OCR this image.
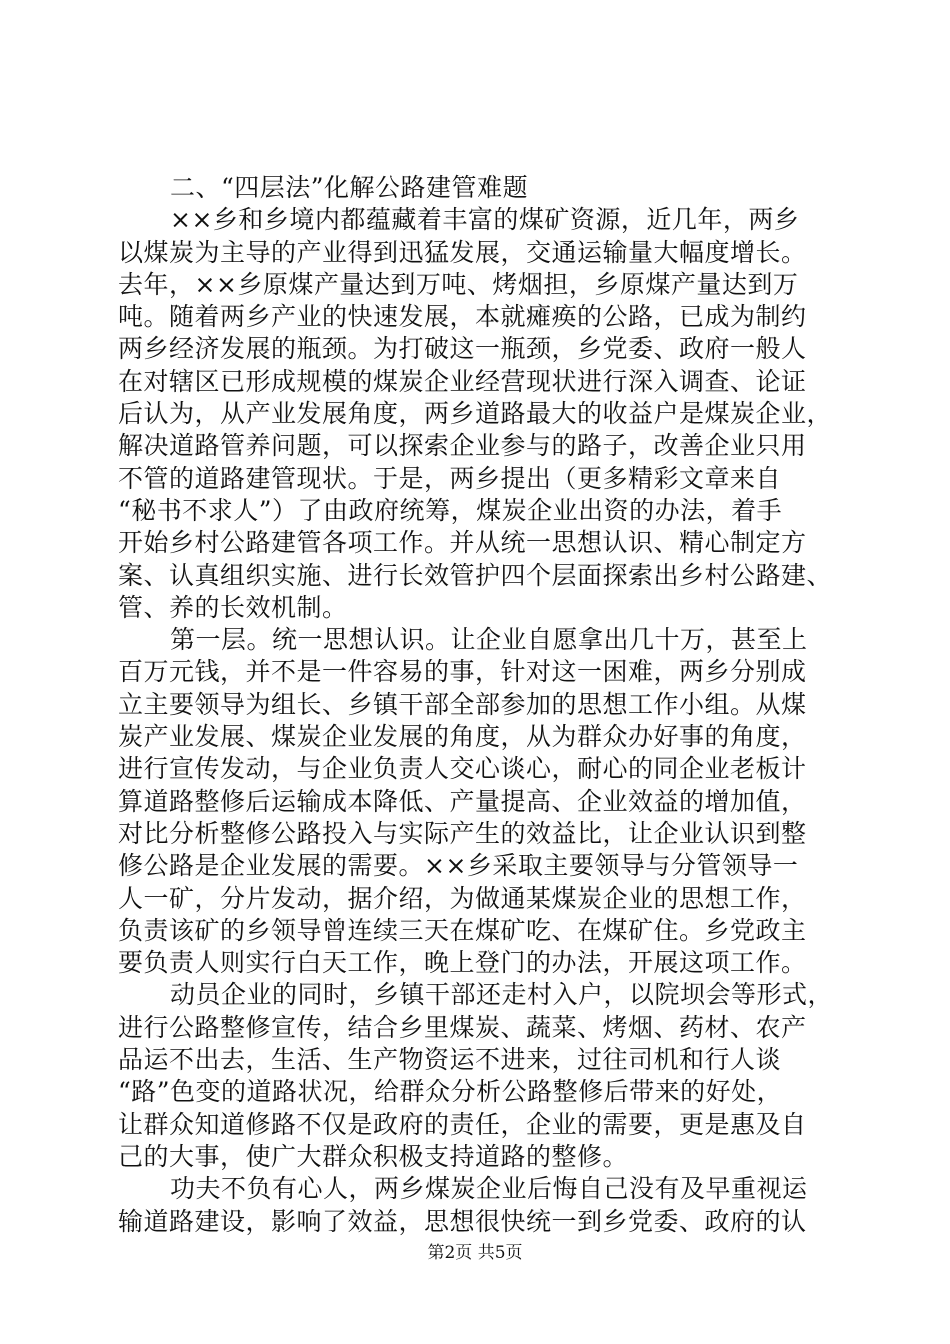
二、“四层法”化解公路建管难题
××乡和乡境内都蕴藏着丰富的煤矿资源，近几年，两乡
以煤炭为主导的产业得到迅猛发展，交通运输量大幅度增长。
去年，××乡原煤产量达到万吨、烤烟担，乡原煤产量达到万
吨。随着两乡产业的快速发展，本就瘫痪的公路，已成为制约
两乡经济发展的瓶颈。为打破这一瓶颈，乡党委、政府一般人
在对辖区已形成规模的煤炭企业经营现状进行深入调查、论证
后认为，从产业发展角度，两乡道路最大的收益户是煤炭企业，
解决道路管养问题，可以探索企业参与的路子，改善企业只用
不管的道路建管现状。于是，两乡提出（更多精彩文章来自
“秘书不求人”）了由政府统筹，煤炭企业出资的办法，着手
开始乡村公路建管各项工作。并从统一思想认识、精心制定方
案、认真组织实施、进行长效管护四个层面探索出乡村公路建、
管、养的长效机制。
第一层。统一思想认识。让企业自愿拿出几十万，甚至上
百万元钱，并不是一件容易的事，针对这一困难，两乡分别成
立主要领导为组长、乡镇干部全部参加的思想工作小组。从煤
炭产业发展、煤炭企业发展的角度，从为群众办好事的角度，
进行宣传发动，与企业负责人交心谈心，耐心的同企业老板计
算道路整修后运输成本降低、产量提高、企业效益的增加值，
对比分析整修公路投入与实际产生的效益比，让企业认识到整
修公路是企业发展的需要。××乡采取主要领导与分管领导一
人一矿，分片发动，据介绍，为做通某煤炭企业的思想工作，
负责该矿的乡领导曾连续三天在煤矿吃、在煤矿住。乡党政主
要负责人则实行白天工作，晚上登门的办法，开展这项工作。
动员企业的同时，乡镇干部还走村入户，以院坝会等形式，
进行公路整修宣传，结合乡里煤炭、蔬菜、烤烟、药材、农产
品运不出去，生活、生产物资运不进来，过往司机和行人谈
“路”色变的道路状况，给群众分析公路整修后带来的好处，
让群众知道修路不仅是政府的责任，企业的需要，更是惠及自
己的大事，使广大群众积极支持道路的整修。
功夫不负有心人，两乡煤炭企业后悔自己没有及早重视运
输道路建设，影响了效益，思想很快统一到乡党委、政府的认
第2页 共5页
